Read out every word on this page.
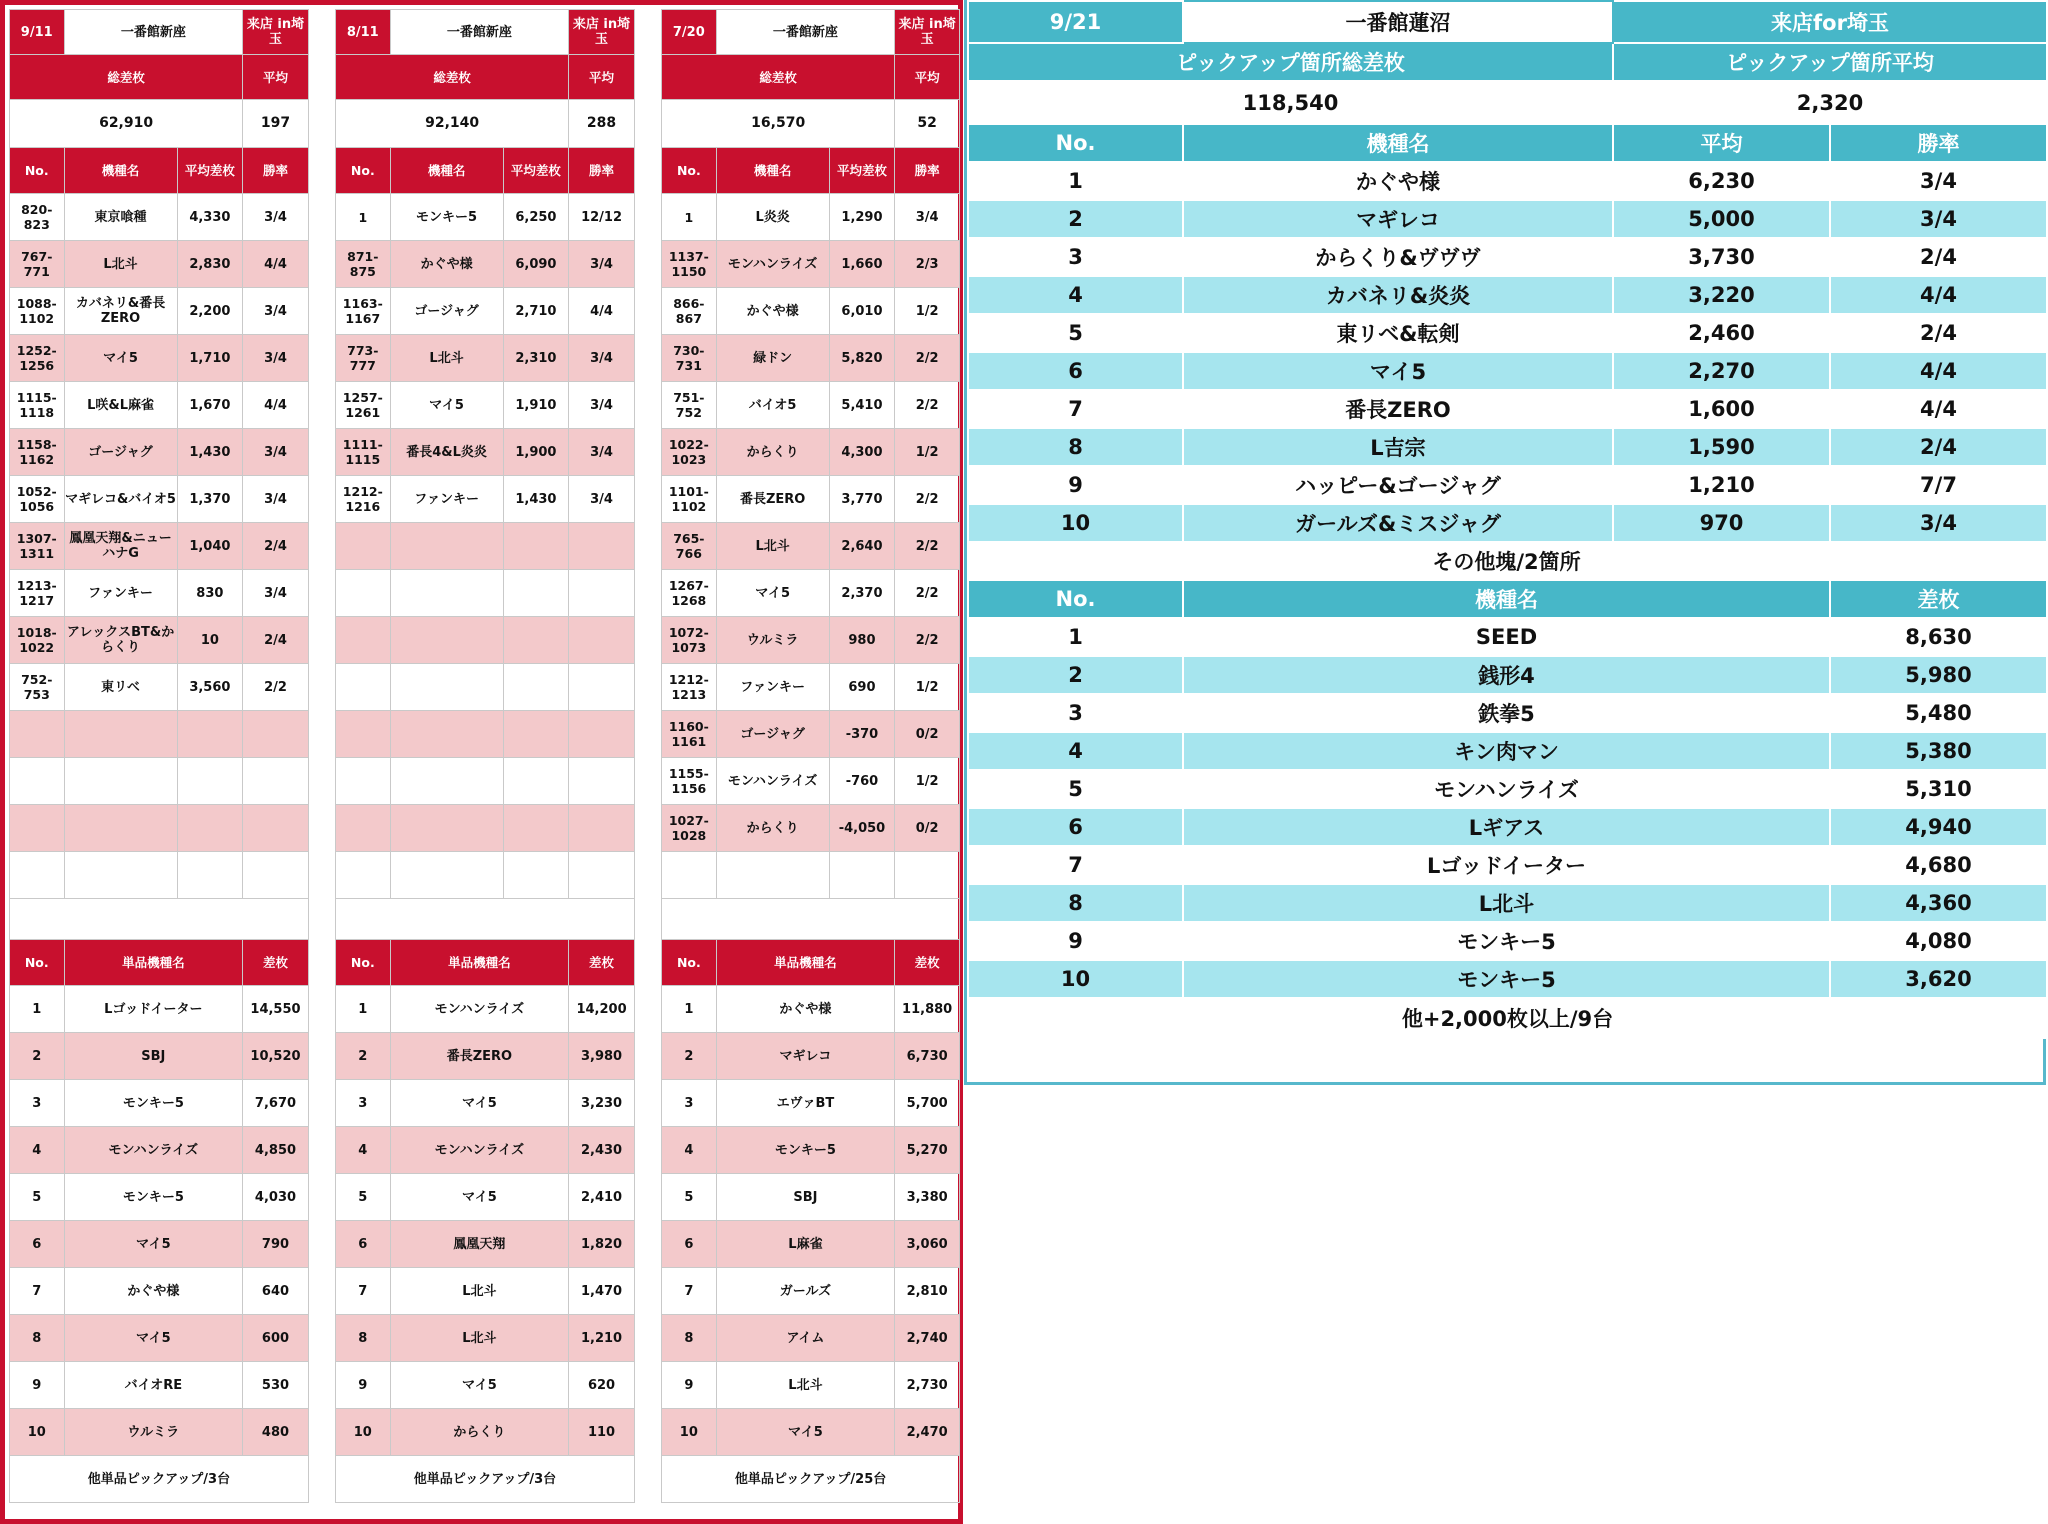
9/11	一番館新座		来店 in埼玉		8/11	一番館新座		来店 in埼玉		7/20	一番館新座		来店 in埼玉
総差枚			平均		総差枚			平均		総差枚			平均
62,910			197		92,140			288		16,570			52
No.	機種名	平均差枚	勝率		No.	機種名	平均差枚	勝率		No.	機種名	平均差枚	勝率
820-823	東京喰種	4,330	3/4		1	モンキー5	6,250	12/12		1	L炎炎	1,290	3/4
767-771	L北斗	2,830	4/4		871-875	かぐや様	6,090	3/4		1137-1150	モンハンライズ	1,660	2/3
1088-1102	カバネリ&番長ZERO	2,200	3/4		1163-1167	ゴージャグ	2,710	4/4		866-867	かぐや様	6,010	1/2
1252-1256	マイ5	1,710	3/4		773-777	L北斗	2,310	3/4		730-731	緑ドン	5,820	2/2
1115-1118	L咲&L麻雀	1,670	4/4		1257-1261	マイ5	1,910	3/4		751-752	バイオ5	5,410	2/2
1158-1162	ゴージャグ	1,430	3/4		1111-1115	番長4&L炎炎	1,900	3/4		1022-1023	からくり	4,300	1/2
1052-1056	マギレコ&バイオ5	1,370	3/4		1212-1216	ファンキー	1,430	3/4		1101-1102	番長ZERO	3,770	2/2
1307-1311	鳳凰天翔&ニューハナG	1,040	2/4							765-766	L北斗	2,640	2/2
1213-1217	ファンキー	830	3/4							1267-1268	マイ5	2,370	2/2
1018-1022	アレックスBT&からくり	10	2/4							1072-1073	ウルミラ	980	2/2
752-753	東リベ	3,560	2/2							1212-1213	ファンキー	690	1/2
										1160-1161	ゴージャグ	-370	0/2
										1155-1156	モンハンライズ	-760	1/2
										1027-1028	からくり	-4,050	0/2

No.	単品機種名		差枚		No.	単品機種名		差枚		No.	単品機種名		差枚
1	Lゴッドイーター		14,550		1	モンハンライズ		14,200		1	かぐや様		11,880
2	SBJ		10,520		2	番長ZERO		3,980		2	マギレコ		6,730
3	モンキー5		7,670		3	マイ5		3,230		3	エヴァBT		5,700
4	モンハンライズ		4,850		4	モンハンライズ		2,430		4	モンキー5		5,270
5	モンキー5		4,030		5	マイ5		2,410		5	SBJ		3,380
6	マイ5		790		6	鳳凰天翔		1,820		6	L麻雀		3,060
7	かぐや様		640		7	L北斗		1,470		7	ガールズ		2,810
8	マイ5		600		8	L北斗		1,210		8	アイム		2,740
9	バイオRE		530		9	マイ5		620		9	L北斗		2,730
10	ウルミラ		480		10	からくり		110		10	マイ5		2,470
他単品ピックアップ/3台					他単品ピックアップ/3台					他単品ピックアップ/25台			
9/21	一番館蓮沼	来店for埼玉	
ピックアップ箇所総差枚		ピックアップ箇所平均	
118,540		2,320	
No.	機種名	平均	勝率
1	かぐや様	6,230	3/4
2	マギレコ	5,000	3/4
3	からくり&ヴヴヴ	3,730	2/4
4	カバネリ&炎炎	3,220	4/4
5	東リベ&転剣	2,460	2/4
6	マイ5	2,270	4/4
7	番長ZERO	1,600	4/4
8	L吉宗	1,590	2/4
9	ハッピー&ゴージャグ	1,210	7/7
10	ガールズ&ミスジャグ	970	3/4
	その他塊/2箇所		
No.	機種名		差枚
1	SEED		8,630
2	銭形4		5,980
3	鉄拳5		5,480
4	キン肉マン		5,380
5	モンハンライズ		5,310
6	Lギアス		4,940
7	Lゴッドイーター		4,680
8	L北斗		4,360
9	モンキー5		4,080
10	モンキー5		3,620
他+2,000枚以上/9台			
